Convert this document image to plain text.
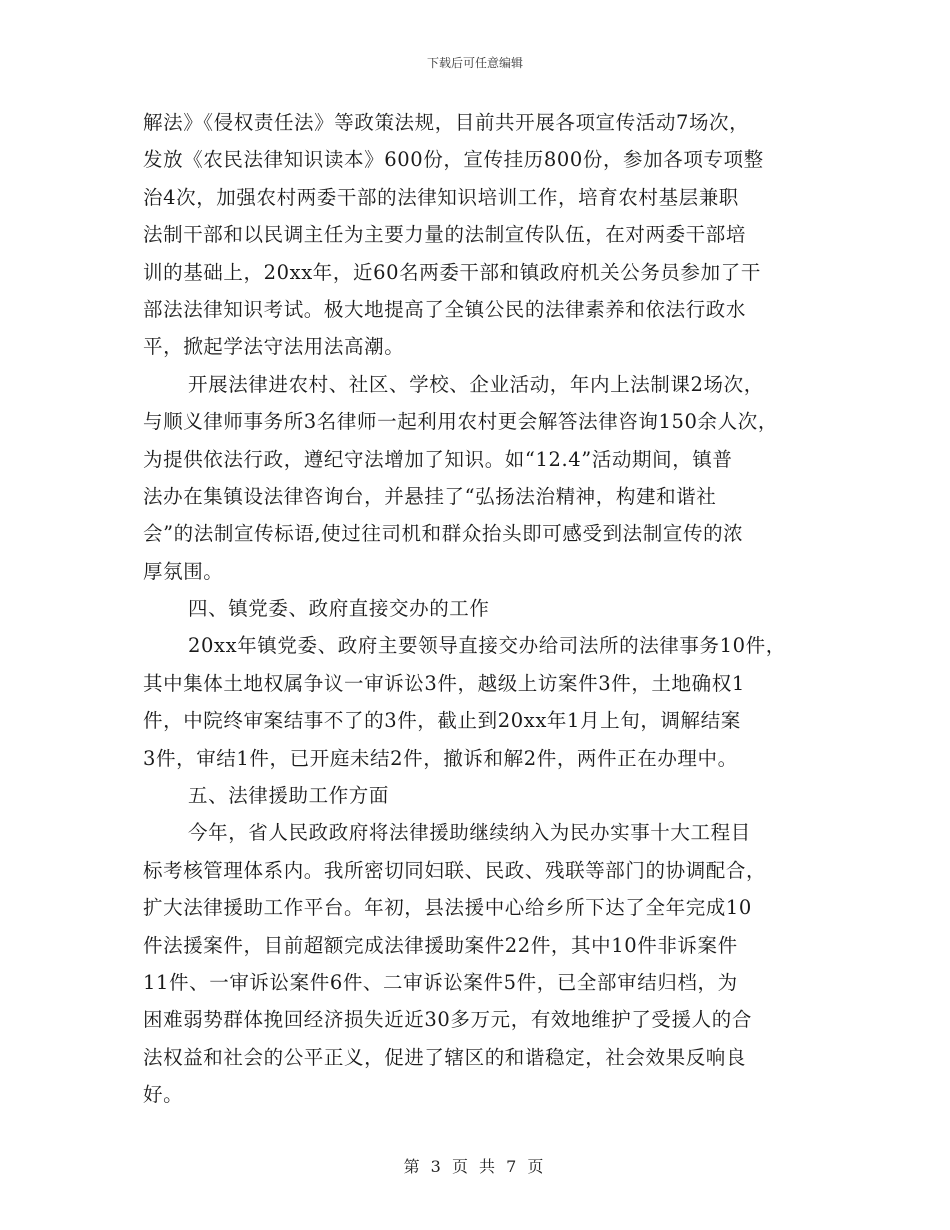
下载后可任意编辑
解法》《侵权责任法》等政策法规，目前共开展各项宣传活动7场次，
发放《农民法律知识读本》600份，宣传挂历800份，参加各项专项整
治4次，加强农村两委干部的法律知识培训工作，培育农村基层兼职
法制干部和以民调主任为主要力量的法制宣传队伍，在对两委干部培
训的基础上，20xx年，近60名两委干部和镇政府机关公务员参加了干
部法法律知识考试。极大地提高了全镇公民的法律素养和依法行政水
平，掀起学法守法用法高潮。
开展法律进农村、社区、学校、企业活动，年内上法制课2场次，
与顺义律师事务所3名律师一起利用农村更会解答法律咨询150余人次，
为提供依法行政，遵纪守法增加了知识。如“12.4”活动期间，镇普
法办在集镇设法律咨询台，并悬挂了“弘扬法治精神，构建和谐社
会”的法制宣传标语,使过往司机和群众抬头即可感受到法制宣传的浓
厚氛围。
四、镇党委、政府直接交办的工作
20xx年镇党委、政府主要领导直接交办给司法所的法律事务10件，
其中集体土地权属争议一审诉讼3件，越级上访案件3件，土地确权1
件，中院终审案结事不了的3件，截止到20xx年1月上旬，调解结案
3件，审结1件，已开庭未结2件，撤诉和解2件，两件正在办理中。
五、法律援助工作方面
今年，省人民政政府将法律援助继续纳入为民办实事十大工程目
标考核管理体系内。我所密切同妇联、民政、残联等部门的协调配合，
扩大法律援助工作平台。年初，县法援中心给乡所下达了全年完成10
件法援案件，目前超额完成法律援助案件22件，其中10件非诉案件
11件、一审诉讼案件6件、二审诉讼案件5件，已全部审结归档，为
困难弱势群体挽回经济损失近近30多万元，有效地维护了受援人的合
法权益和社会的公平正义，促进了辖区的和谐稳定，社会效果反响良
好。
第 3 页 共 7 页
